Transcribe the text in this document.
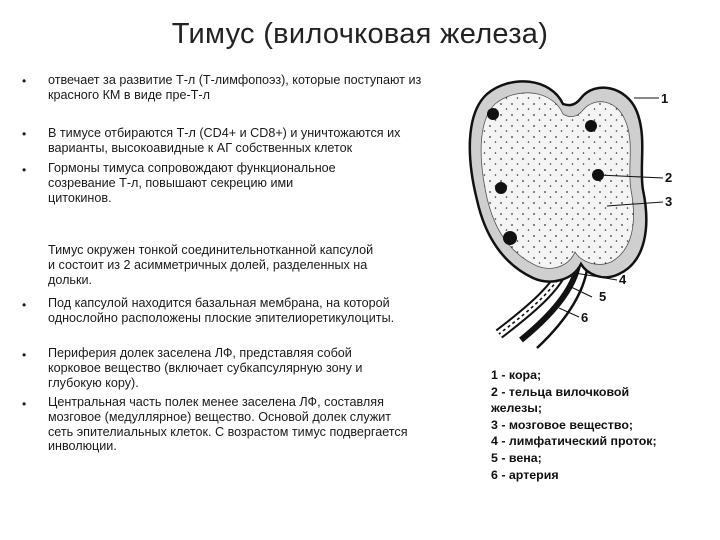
Тимус (вилочковая железа)
• отвечает за развитие Т-л (Т-лимфопоэз), которые поступают из красного КМ в виде пре-Т-л
• В тимусе отбираются Т-л (CD4+ и CD8+) и уничтожаются их варианты, высокоавидные к АГ собственных клеток
• Гормоны тимуса сопровождают функциональное созревание Т-л, повышают секрецию ими цитокинов.
Тимус окружен тонкой соединительнотканной капсулой и состоит из 2 асимметричных долей, разделенных на дольки.
• Под капсулой находится базальная мембрана, на которой однослойно расположены плоские эпителиоретикулоциты.
• Периферия долек заселена ЛФ, представляя собой корковое вещество (включает субкапсулярную зону и глубокую кору).
• Центральная часть полек менее заселена ЛФ, составляя мозговое (медуллярное) вещество. Основой долек служит сеть эпителиальных клеток. С возрастом тимус подвергается инволюции.
1
2
3
4
5
6
1 - кора;
2 - тельца вилочковой
железы;
3 - мозговое вещество;
4 - лимфатический проток;
5 - вена;
6 - артерия
